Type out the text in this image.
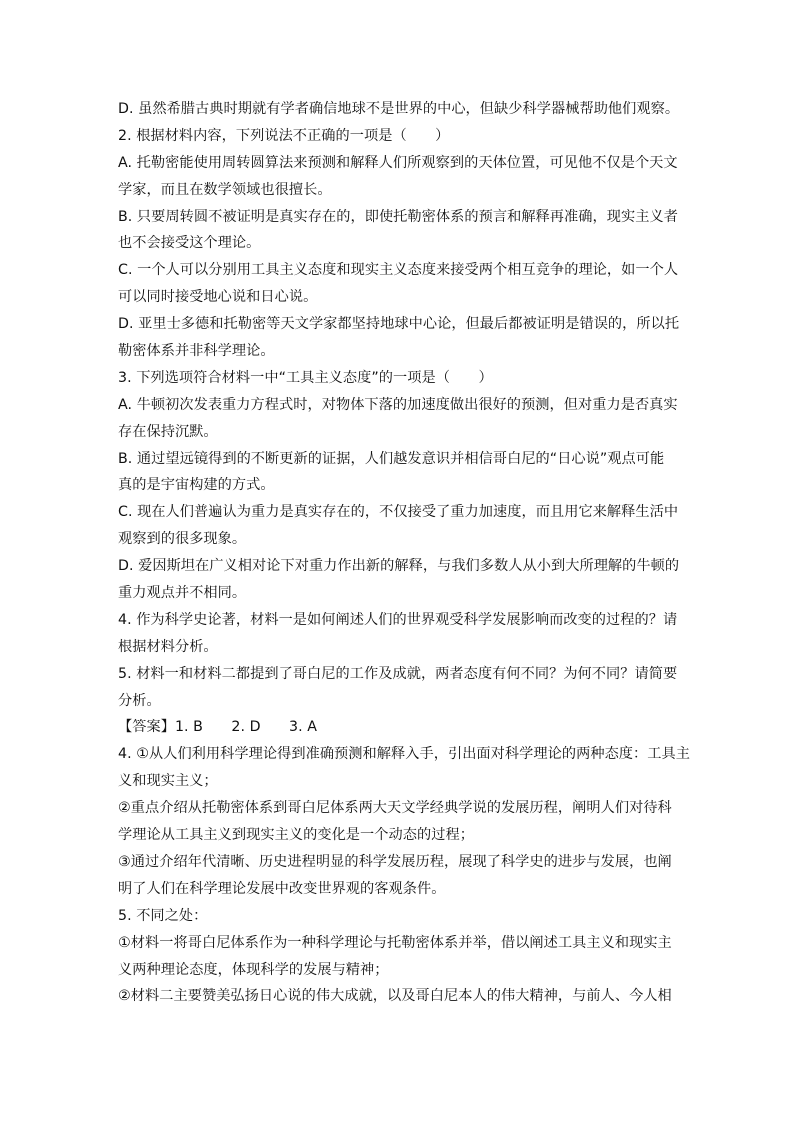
D. 虽然希腊古典时期就有学者确信地球不是世界的中心，但缺少科学器械帮助他们观察。
2. 根据材料内容，下列说法不正确的一项是（　　）
A. 托勒密能使用周转圆算法来预测和解释人们所观察到的天体位置，可见他不仅是个天文
学家，而且在数学领域也很擅长。
B. 只要周转圆不被证明是真实存在的，即使托勒密体系的预言和解释再准确，现实主义者
也不会接受这个理论。
C. 一个人可以分别用工具主义态度和现实主义态度来接受两个相互竞争的理论，如一个人
可以同时接受地心说和日心说。
D. 亚里士多德和托勒密等天文学家都坚持地球中心论，但最后都被证明是错误的，所以托
勒密体系并非科学理论。
3. 下列选项符合材料一中“工具主义态度”的一项是（　　）
A. 牛顿初次发表重力方程式时，对物体下落的加速度做出很好的预测，但对重力是否真实
存在保持沉默。
B. 通过望远镜得到的不断更新的证据，人们越发意识并相信哥白尼的“日心说”观点可能
真的是宇宙构建的方式。
C. 现在人们普遍认为重力是真实存在的，不仅接受了重力加速度，而且用它来解释生活中
观察到的很多现象。
D. 爱因斯坦在广义相对论下对重力作出新的解释，与我们多数人从小到大所理解的牛顿的
重力观点并不相同。
4. 作为科学史论著，材料一是如何阐述人们的世界观受科学发展影响而改变的过程的？请
根据材料分析。
5. 材料一和材料二都提到了哥白尼的工作及成就，两者态度有何不同？为何不同？请简要
分析。
【答案】1. B　　2. D　　3. A
4. ①从人们利用科学理论得到准确预测和解释入手，引出面对科学理论的两种态度：工具主
义和现实主义；
②重点介绍从托勒密体系到哥白尼体系两大天文学经典学说的发展历程，阐明人们对待科
学理论从工具主义到现实主义的变化是一个动态的过程；
③通过介绍年代清晰、历史进程明显的科学发展历程，展现了科学史的进步与发展，也阐
明了人们在科学理论发展中改变世界观的客观条件。
5. 不同之处：
①材料一将哥白尼体系作为一种科学理论与托勒密体系并举，借以阐述工具主义和现实主
义两种理论态度，体现科学的发展与精神；
②材料二主要赞美弘扬日心说的伟大成就，以及哥白尼本人的伟大精神，与前人、今人相
